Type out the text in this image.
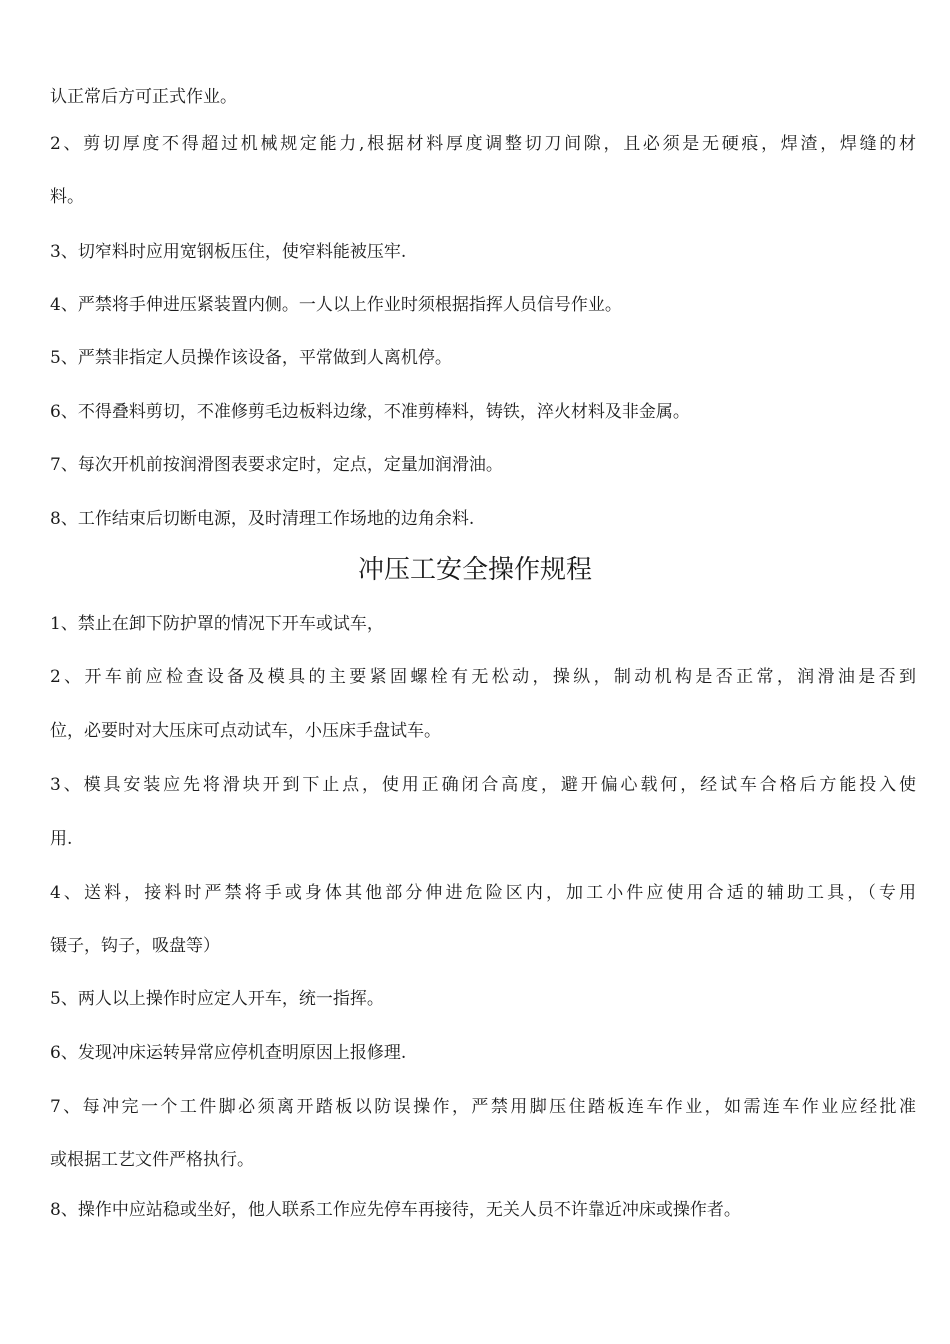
认正常后方可正式作业。
2、剪切厚度不得超过机械规定能力,根据材料厚度调整切刀间隙，且必须是无硬痕，焊渣，焊缝的材
料。
3、切窄料时应用宽钢板压住，使窄料能被压牢.
4、严禁将手伸进压紧装置内侧。一人以上作业时须根据指挥人员信号作业。
5、严禁非指定人员操作该设备，平常做到人离机停。
6、不得叠料剪切，不准修剪毛边板料边缘，不准剪棒料，铸铁，淬火材料及非金属。
7、每次开机前按润滑图表要求定时，定点，定量加润滑油。
8、工作结束后切断电源，及时清理工作场地的边角余料.
冲压工安全操作规程
1、禁止在卸下防护罩的情况下开车或试车，
2、开车前应检查设备及模具的主要紧固螺栓有无松动，操纵，制动机构是否正常，润滑油是否到
位，必要时对大压床可点动试车，小压床手盘试车。
3、模具安装应先将滑块开到下止点，使用正确闭合高度，避开偏心载何，经试车合格后方能投入使
用.
4、送料，接料时严禁将手或身体其他部分伸进危险区内，加工小件应使用合适的辅助工具，（专用
镊子，钩子，吸盘等）
5、两人以上操作时应定人开车，统一指挥。
6、发现冲床运转异常应停机查明原因上报修理.
7、每冲完一个工件脚必须离开踏板以防误操作，严禁用脚压住踏板连车作业，如需连车作业应经批准
或根据工艺文件严格执行。
8、操作中应站稳或坐好，他人联系工作应先停车再接待，无关人员不许靠近冲床或操作者。
